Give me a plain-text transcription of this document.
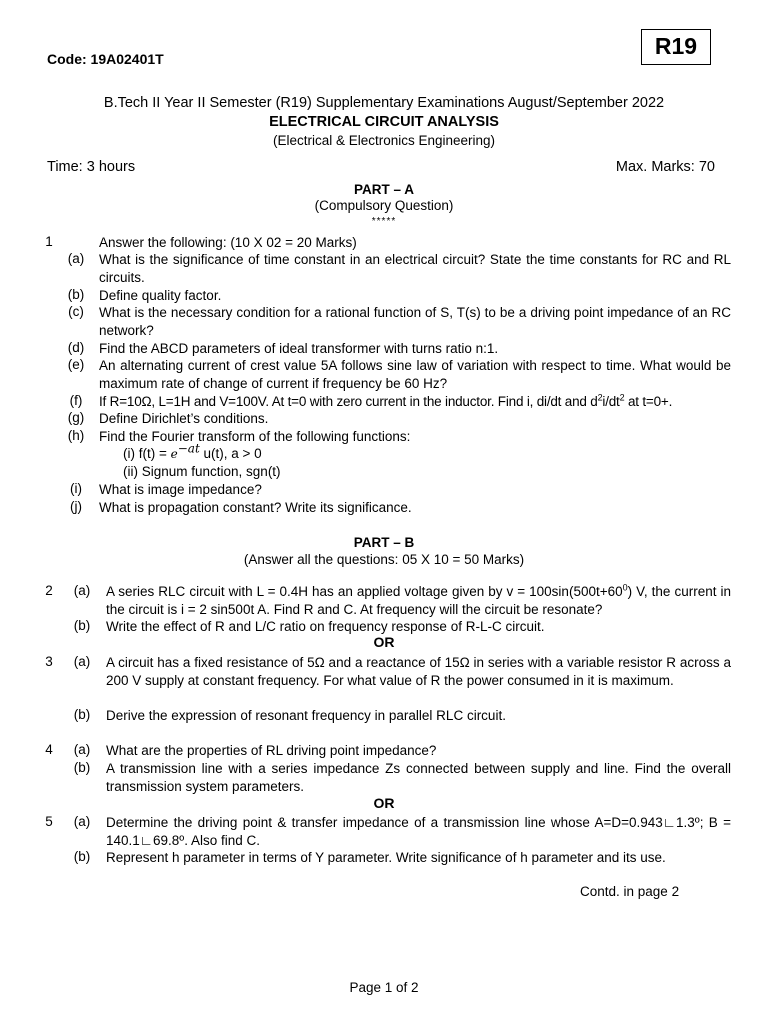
Code: 19A02401T	R19
B.Tech II Year II Semester (R19) Supplementary Examinations August/September 2022
ELECTRICAL CIRCUIT ANALYSIS
(Electrical & Electronics Engineering)
Time: 3 hours	Max. Marks: 70
PART – A
(Compulsory Question)
*****
1	Answer the following: (10 X 02 = 20 Marks)
(a)	What is the significance of time constant in an electrical circuit? State the time constants for RC and RL circuits.
(b)	Define quality factor.
(c)	What is the necessary condition for a rational function of S, T(s) to be a driving point impedance of an RC network?
(d)	Find the ABCD parameters of ideal transformer with turns ratio n:1.
(e)	An alternating current of crest value 5A follows sine law of variation with respect to time. What would be maximum rate of change of current if frequency be 60 Hz?
(f)	If R=10Ω, L=1H and V=100V. At t=0 with zero current in the inductor. Find i, di/dt and $d^2i/dt^2$ at t=0+.
(g)	Define Dirichlet’s conditions.
(h)	Find the Fourier transform of the following functions:
(i) $f(t) = e^{-at}$ u(t), a > 0
(ii) Signum function, sgn(t)
(i)	What is image impedance?
(j)	What is propagation constant? Write its significance.
PART – B
(Answer all the questions: 05 X 10 = 50 Marks)
2	(a)	A series RLC circuit with L = 0.4H has an applied voltage given by $v = 100\sin(500t+60^0)$ V, the current in the circuit is i = 2 sin500t A. Find R and C. At frequency will the circuit be resonate?
(b)	Write the effect of R and L/C ratio on frequency response of R-L-C circuit.
OR
3	(a)	A circuit has a fixed resistance of 5Ω and a reactance of 15Ω in series with a variable resistor R across a 200 V supply at constant frequency. For what value of R the power consumed in it is maximum.
(b)	Derive the expression of resonant frequency in parallel RLC circuit.
4	(a)	What are the properties of RL driving point impedance?
(b)	A transmission line with a series impedance Zs connected between supply and line. Find the overall transmission system parameters.
OR
5	(a)	Determine the driving point & transfer impedance of a transmission line whose A=D=0.943∟1.3º; B = 140.1∟69.8º. Also find C.
(b)	Represent h parameter in terms of Y parameter. Write significance of h parameter and its use.
Contd. in page 2
Page 1 of 2
